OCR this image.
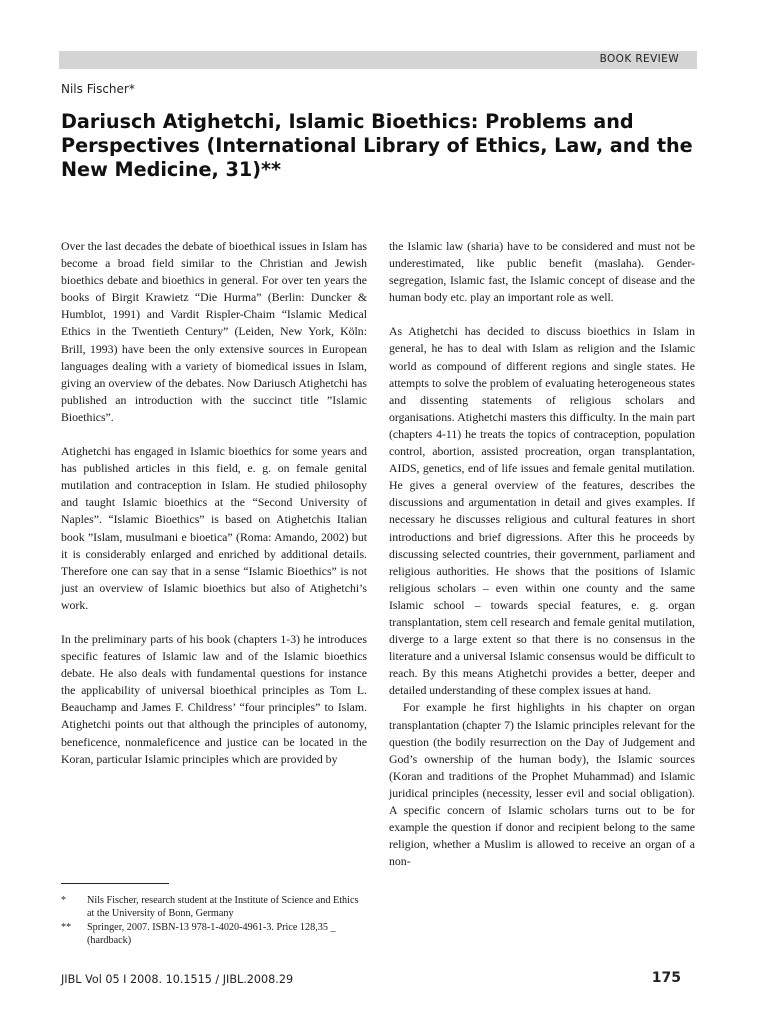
BOOK REVIEW
Nils Fischer*
Dariusch Atighetchi, Islamic Bioethics: Problems and Perspectives (International Library of Ethics, Law, and the New Medicine, 31)**

Over the last decades the debate of bioethical issues in Islam has become a broad field similar to the Christian and Jewish bioethics debate and bioethics in general. For over ten years the books of Birgit Krawietz “Die Hurma” (Berlin: Duncker & Humblot, 1991) and Vardit Rispler-Chaim “Islamic Medical Ethics in the Twentieth Century” (Leiden, New York, Köln: Brill, 1993) have been the only extensive sources in European languages dealing with a variety of biomedical issues in Islam, giving an overview of the debates. Now Dariusch Atighetchi has published an introduction with the succinct title ”Islamic Bioethics”.

Atighetchi has engaged in Islamic bioethics for some years and has published articles in this field, e. g. on female genital mutilation and contraception in Islam. He studied philosophy and taught Islamic bioethics at the “Second University of Naples”. “Islamic Bioethics” is based on Atighetchis Italian book ”Islam, musulmani e bioetica” (Roma: Amando, 2002) but it is considerably enlarged and enriched by additional details. Therefore one can say that in a sense “Islamic Bioethics” is not just an overview of Islamic bioethics but also of Atighetchi’s work.

In the preliminary parts of his book (chapters 1-3) he introduces specific features of Islamic law and of the Islamic bioethics debate. He also deals with fundamental questions for instance the applicability of universal bioethical principles as Tom L. Beauchamp and James F. Childress’ “four principles” to Islam. Atighetchi points out that although the principles of autonomy, beneficence, nonmaleficence and justice can be located in the Koran, particular Islamic principles which are provided by

the Islamic law (sharia) have to be considered and must not be underestimated, like public benefit (maslaha). Gender-segregation, Islamic fast, the Islamic concept of disease and the human body etc. play an important role as well.

As Atighetchi has decided to discuss bioethics in Islam in general, he has to deal with Islam as religion and the Islamic world as compound of different regions and single states. He attempts to solve the problem of evaluating heterogeneous states and dissenting statements of religious scholars and organisations. Atighetchi masters this difficulty. In the main part (chapters 4-11) he treats the topics of contraception, population control, abortion, assisted procreation, organ transplantation, AIDS, genetics, end of life issues and female genital mutilation. He gives a general overview of the features, describes the discussions and argumentation in detail and gives examples. If necessary he discusses religious and cultural features in short introductions and brief digressions. After this he proceeds by discussing selected countries, their government, parliament and religious authorities. He shows that the positions of Islamic religious scholars – even within one county and the same Islamic school – towards special features, e. g. organ transplantation, stem cell research and female genital mutilation, diverge to a large extent so that there is no consensus in the literature and a universal Islamic consensus would be difficult to reach. By this means Atighetchi provides a better, deeper and detailed understanding of these complex issues at hand.

For example he first highlights in his chapter on organ transplantation (chapter 7) the Islamic principles relevant for the question (the bodily resurrection on the Day of Judgement and God’s ownership of the human body), the Islamic sources (Koran and traditions of the Prophet Muhammad) and Islamic juridical principles (necessity, lesser evil and social obligation). A specific concern of Islamic scholars turns out to be for example the question if donor and recipient belong to the same religion, whether a Muslim is allowed to receive an organ of a non-

*	Nils Fischer, research student at the Institute of Science and Ethics at the University of Bonn, Germany
**	Springer, 2007. ISBN-13 978-1-4020-4961-3. Price 128,35 _ (hardback)
JIBL Vol 05 I 2008. 10.1515 / JIBL.2008.29	175
